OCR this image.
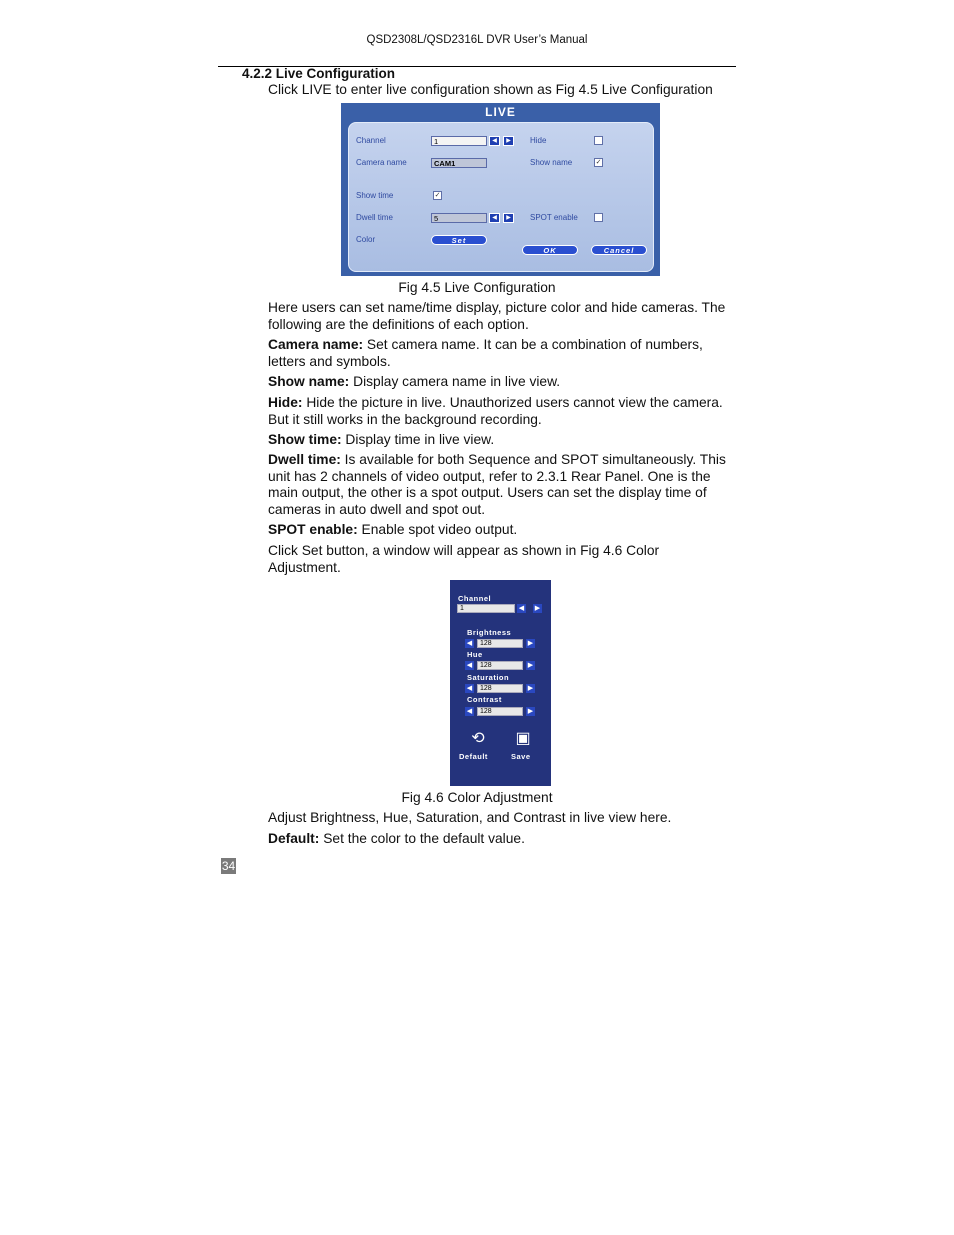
QSD2308L/QSD2316L DVR User’s Manual
4.2.2 Live Configuration
Click LIVE to enter live configuration shown as Fig 4.5 Live Configuration
LIVE
Channel	1	◀	▶
Camera name	CAM1
Show time	✓
Dwell time	5	◀	▶
Color	Set
Hide
Show name	✓
SPOT enable
OK	Cancel
Fig 4.5 Live Configuration
Here users can set name/time display, picture color and hide cameras. The following are the definitions of each option.
Camera name: Set camera name. It can be a combination of numbers, letters and symbols.
Show name: Display camera name in live view.
Hide: Hide the picture in live. Unauthorized users cannot view the camera. But it still works in the background recording.
Show time: Display time in live view.
Dwell time: Is available for both Sequence and SPOT simultaneously. This unit has 2 channels of video output, refer to 2.3.1 Rear Panel. One is the main output, the other is a spot output. Users can set the display time of cameras in auto dwell and spot out.
SPOT enable: Enable spot video output.
Click Set button, a window will appear as shown in Fig 4.6 Color Adjustment.
Channel
1	◀ ▶
Brightness
◀	128	▶
Hue
◀	128	▶
Saturation
◀	128	▶
Contrast
◀	128	▶
⟲ ▣
Default	Save
Fig 4.6 Color Adjustment
Adjust Brightness, Hue, Saturation, and Contrast in live view here.
Default: Set the color to the default value.
34
